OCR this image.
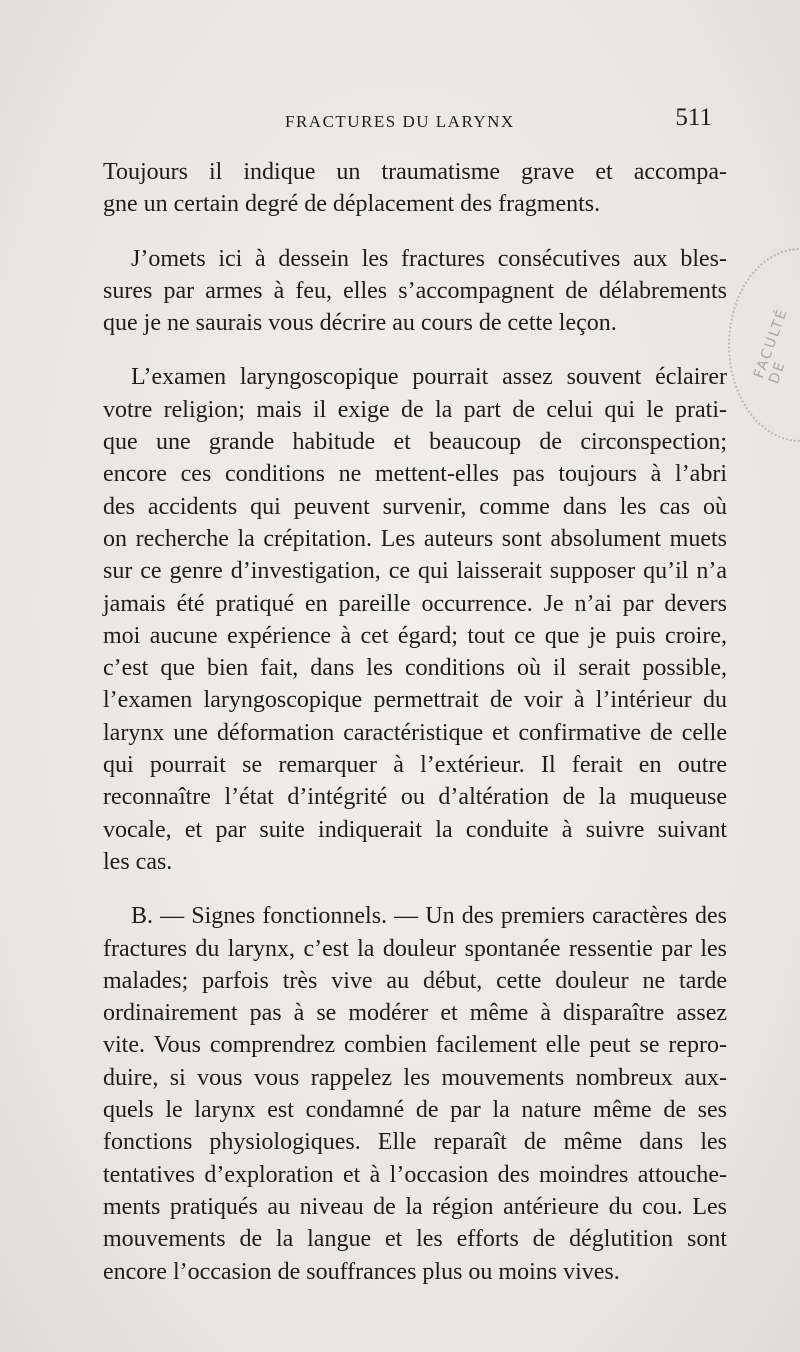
FACULTÉ DE
FRACTURES DU LARYNX	511
Toujours il indique un traumatisme grave et accompa-
gne un certain degré de déplacement des fragments.
J’omets ici à dessein les fractures consécutives aux bles-
sures par armes à feu, elles s’accompagnent de délabrements
que je ne saurais vous décrire au cours de cette leçon.
L’examen laryngoscopique pourrait assez souvent éclairer
votre religion; mais il exige de la part de celui qui le prati-
que une grande habitude et beaucoup de circonspection;
encore ces conditions ne mettent-elles pas toujours à l’abri
des accidents qui peuvent survenir, comme dans les cas où
on recherche la crépitation. Les auteurs sont absolument muets
sur ce genre d’investigation, ce qui laisserait supposer qu’il n’a
jamais été pratiqué en pareille occurrence. Je n’ai par devers
moi aucune expérience à cet égard; tout ce que je puis croire,
c’est que bien fait, dans les conditions où il serait possible,
l’examen laryngoscopique permettrait de voir à l’intérieur du
larynx une déformation caractéristique et confirmative de celle
qui pourrait se remarquer à l’extérieur. Il ferait en outre
reconnaître l’état d’intégrité ou d’altération de la muqueuse
vocale, et par suite indiquerait la conduite à suivre suivant
les cas.
B. — Signes fonctionnels. — Un des premiers caractères des
fractures du larynx, c’est la douleur spontanée ressentie par les
malades; parfois très vive au début, cette douleur ne tarde
ordinairement pas à se modérer et même à disparaître assez
vite. Vous comprendrez combien facilement elle peut se repro-
duire, si vous vous rappelez les mouvements nombreux aux-
quels le larynx est condamné de par la nature même de ses
fonctions physiologiques. Elle reparaît de même dans les
tentatives d’exploration et à l’occasion des moindres attouche-
ments pratiqués au niveau de la région antérieure du cou. Les
mouvements de la langue et les efforts de déglutition sont
encore l’occasion de souffrances plus ou moins vives.
